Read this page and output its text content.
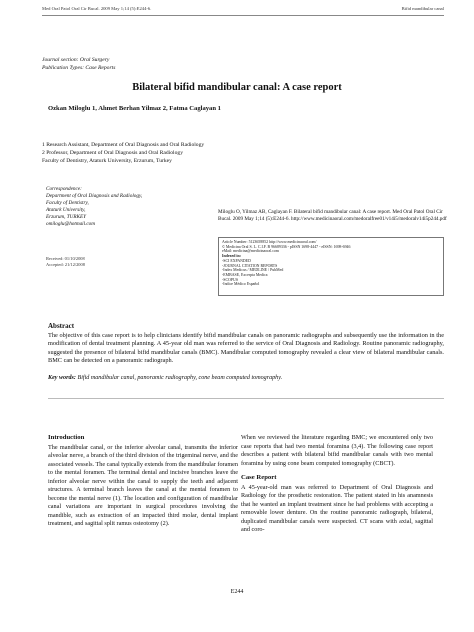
Med Oral Patol Oral Cir Bucal. 2009 May 1;14 (5):E244-6.	Bifid mandibular canal
Journal section: Oral Surgery
Publication Types: Case Reports
Bilateral bifid mandibular canal: A case report
Ozkan Miloglu 1, Ahmet Berhan Yilmaz 2, Fatma Caglayan 1
1 Research Assistant, Department of Oral Diagnosis and Oral Radiology
2 Professor, Department of Oral Diagnosis and Oral Radiology
Faculty of Dentistry, Ataturk University, Erzurum, Turkey
Correspondence:
Department of Oral Diagnosis and Radiology,
Faculty of Dentistry,
Ataturk University,
Erzurum, TURKEY
omiloglu@hotmail.com
Received: 01/10/2008
Accepted: 21/12/2008
Miloglu O, Yilmaz AB, Caglayan F. Bilateral bifid mandibular canal: A case report. Med Oral Patol Oral Cir Bucal. 2009 May 1;14 (5):E244-6. http://www.medicinaoral.com/medoralfree01/v14i5/medoralv14i5p244.pdf
Article Number: 5123658852 http://www.medicinaoral.com/
© Medicina Oral S. L. C.I.F. B 96689336 - pISSN 1698-4447 - eISSN: 1698-6946
eMail: medicina@medicinaoral.com
Indexed in:
-SCI EXPANDED
-JOURNAL CITATION REPORTS
-Index Medicus / MEDLINE / PubMed
-EMBASE, Excerpta Medica
-SCOPUS
-Indice Médico Español
Abstract
The objective of this case report is to help clinicians identify bifid mandibular canals on panoramic radiographs and subsequently use the information in the modification of dental treatment planning. A 45-year old man was referred to the service of Oral Diagnosis and Radiology. Routine panoramic radiography, suggested the presence of bilateral bifid mandibular canals (BMC). Mandibular computed tomography revealed a clear view of bilateral mandibular canals. BMC can be detected on a panoramic radiograph.
Key words: Bifid mandibular canal, panoramic radiography, cone beam computed tomography.
Introduction
The mandibular canal, or the inferior alveolar canal, transmits the inferior alveolar nerve, a branch of the third division of the trigeminal nerve, and the associated vessels. The canal typically extends from the mandibular foramen to the mental foramen. The terminal dental and incisive branches leave the inferior alveolar nerve within the canal to supply the teeth and adjacent structures. A terminal branch leaves the canal at the mental foramen to become the mental nerve (1). The location and configuration of mandibular canal variations are important in surgical procedures involving the mandible, such as extraction of an impacted third molar, dental implant treatment, and sagittal split ramus osteotomy (2).
When we reviewed the literature regarding BMC; we encountered only two case reports that had two mental foramina (3,4). The following case report describes a patient with bilateral bifid mandibular canals with two mental foramina by using cone beam computed tomography (CBCT).
Case Report
A 45-year-old man was referred to Department of Oral Diagnosis and Radiology for the prosthetic restoration. The patient stated in his anamnesis that he wanted an implant treatment since he had problems with accepting a removable lower denture. On the routine panoramic radiograph, bilateral, duplicated mandibular canals were suspected. CT scans with axial, sagittal and coro-
E244
